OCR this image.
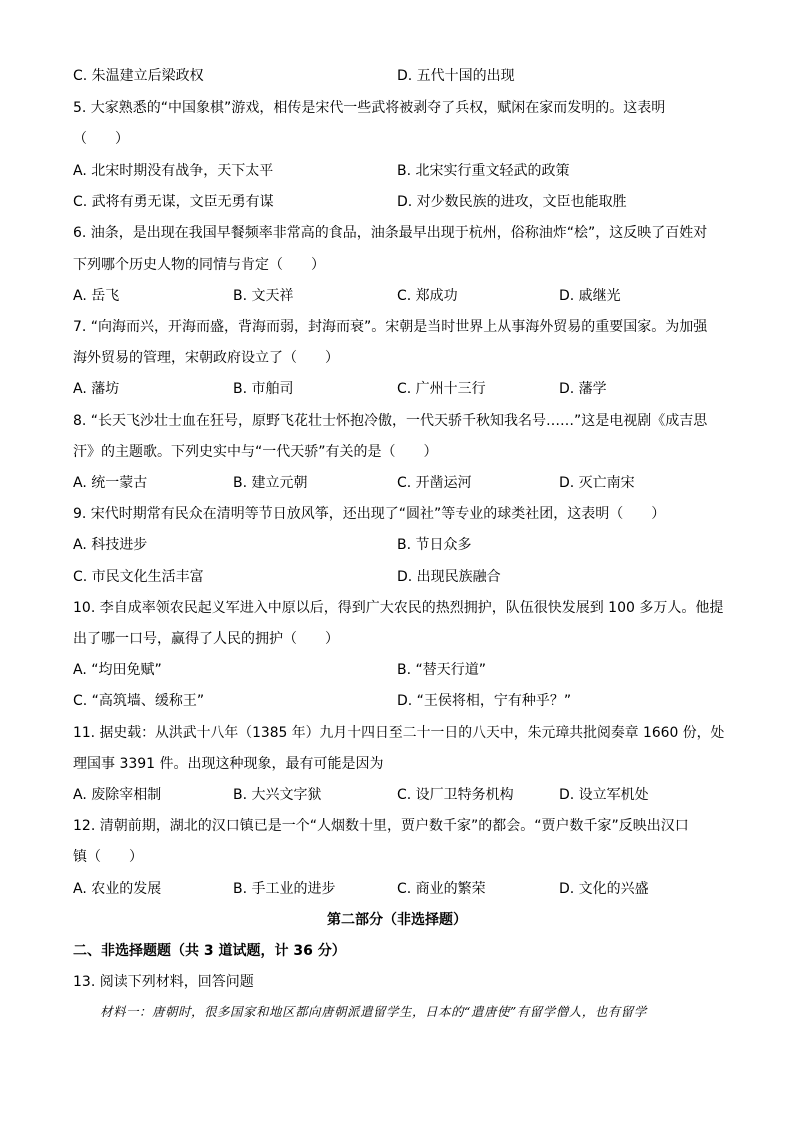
C. 朱温建立后梁政权	D. 五代十国的出现
5. 大家熟悉的“中国象棋”游戏，相传是宋代一些武将被剥夺了兵权，赋闲在家而发明的。这表明
（　　）
A. 北宋时期没有战争，天下太平	B. 北宋实行重文轻武的政策
C. 武将有勇无谋，文臣无勇有谋	D. 对少数民族的进攻，文臣也能取胜
6. 油条，是出现在我国早餐频率非常高的食品，油条最早出现于杭州，俗称油炸“桧”，这反映了百姓对
下列哪个历史人物的同情与肯定（　　）
A. 岳飞	B. 文天祥	C. 郑成功	D. 戚继光
7. “向海而兴，开海而盛，背海而弱，封海而衰”。宋朝是当时世界上从事海外贸易的重要国家。为加强
海外贸易的管理，宋朝政府设立了（　　）
A. 藩坊	B. 市舶司	C. 广州十三行	D. 藩学
8. “长天飞沙壮士血在狂号，原野飞花壮士怀抱冷傲，一代天骄千秋知我名号……”这是电视剧《成吉思
汗》的主题歌。下列史实中与“一代天骄”有关的是（　　）
A. 统一蒙古	B. 建立元朝	C. 开凿运河	D. 灭亡南宋
9. 宋代时期常有民众在清明等节日放风筝，还出现了“圆社”等专业的球类社团，这表明（　　）
A. 科技进步	B. 节日众多
C. 市民文化生活丰富	D. 出现民族融合
10. 李自成率领农民起义军进入中原以后，得到广大农民的热烈拥护，队伍很快发展到 100 多万人。他提
出了哪一口号，赢得了人民的拥护（　　）
A. “均田免赋”	B. “替天行道”
C. “高筑墙、缓称王”	D. “王侯将相，宁有种乎？”
11. 据史载：从洪武十八年（1385 年）九月十四日至二十一日的八天中，朱元璋共批阅奏章 1660 份，处
理国事 3391 件。出现这种现象，最有可能是因为
A. 废除宰相制	B. 大兴文字狱	C. 设厂卫特务机构	D. 设立军机处
12. 清朝前期，湖北的汉口镇已是一个“人烟数十里，贾户数千家”的都会。“贾户数千家”反映出汉口
镇（　　）
A. 农业的发展	B. 手工业的进步	C. 商业的繁荣	D. 文化的兴盛
第二部分（非选择题）
二、非选择题题（共 3 道试题，计 36 分）
13. 阅读下列材料，回答问题
材料一：唐朝时，很多国家和地区都向唐朝派遣留学生，日本的“遣唐使”有留学僧人，也有留学
